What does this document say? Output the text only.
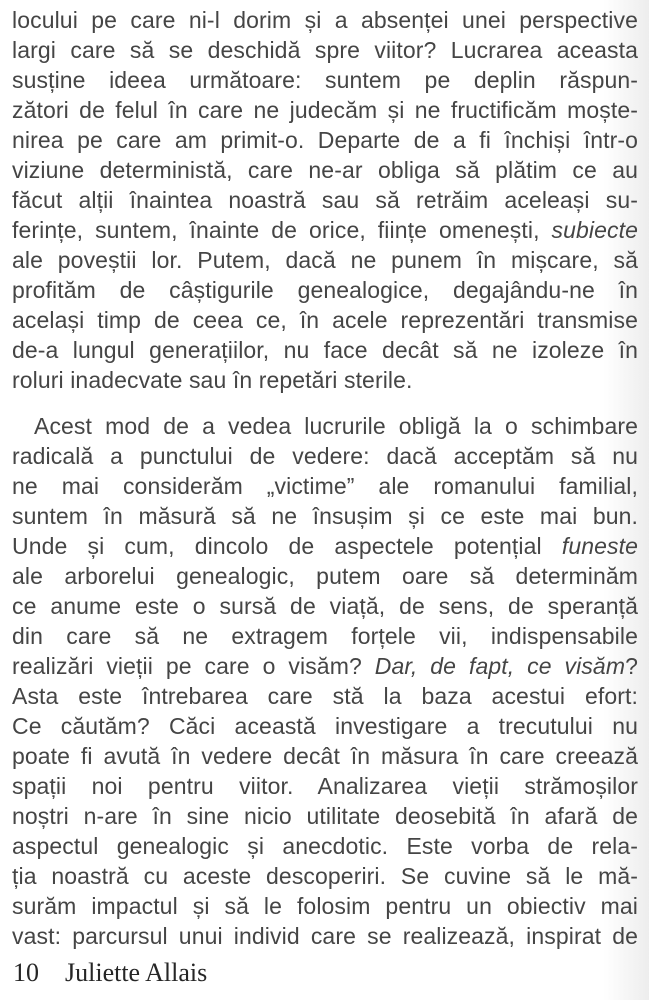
locului pe care ni-l dorim și a absenței unei perspective
largi care să se deschidă spre viitor? Lucrarea aceasta
susține ideea următoare: suntem pe deplin răspun-
zători de felul în care ne judecăm și ne fructificăm moște-
nirea pe care am primit-o. Departe de a fi închiși într-o
viziune deterministă, care ne-ar obliga să plătim ce au
făcut alții înaintea noastră sau să retrăim aceleași su-
ferințe, suntem, înainte de orice, ființe omenești, subiecte
ale poveștii lor. Putem, dacă ne punem în mișcare, să
profităm de câștigurile genealogice, degajându-ne în
același timp de ceea ce, în acele reprezentări transmise
de-a lungul generațiilor, nu face decât să ne izoleze în
roluri inadecvate sau în repetări sterile.

Acest mod de a vedea lucrurile obligă la o schimbare
radicală a punctului de vedere: dacă acceptăm să nu
ne mai considerăm „victime” ale romanului familial,
suntem în măsură să ne însușim și ce este mai bun.
Unde și cum, dincolo de aspectele potențial funeste
ale arborelui genealogic, putem oare să determinăm
ce anume este o sursă de viață, de sens, de speranță
din care să ne extragem forțele vii, indispensabile
realizări vieții pe care o visăm? Dar, de fapt, ce visăm?
Asta este întrebarea care stă la baza acestui efort:
Ce căutăm? Căci această investigare a trecutului nu
poate fi avută în vedere decât în măsura în care creează
spații noi pentru viitor. Analizarea vieții strămoșilor
noștri n-are în sine nicio utilitate deosebită în afară de
aspectul genealogic și anecdotic. Este vorba de rela-
ția noastră cu aceste descoperiri. Se cuvine să le mă-
surăm impactul și să le folosim pentru un obiectiv mai
vast: parcursul unui individ care se realizează, inspirat de

10 Juliette Allais
